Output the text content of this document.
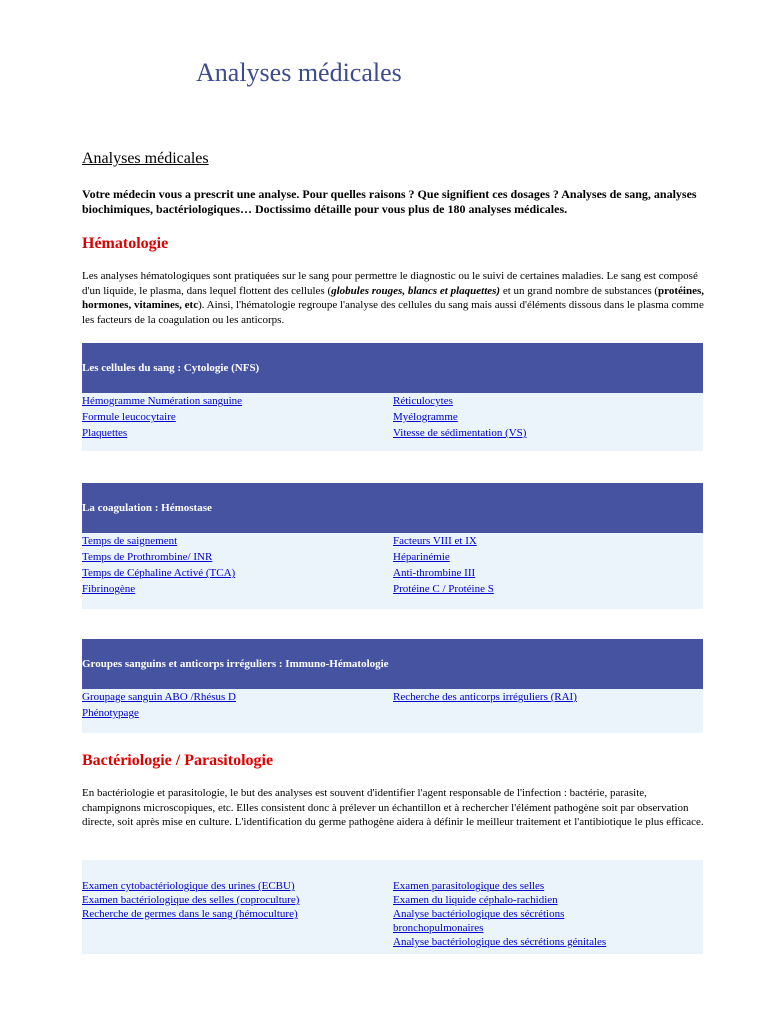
Analyses médicales
Analyses médicales
Votre médecin vous a prescrit une analyse. Pour quelles raisons ? Que signifient ces dosages ? Analyses de sang, analyses biochimiques, bactériologiques… Doctissimo détaille pour vous plus de 180 analyses médicales.
Hématologie
Les analyses hématologiques sont pratiquées sur le sang pour permettre le diagnostic ou le suivi de certaines maladies. Le sang est composé d'un liquide, le plasma, dans lequel flottent des cellules (globules rouges, blancs et plaquettes) et un grand nombre de substances (protéines, hormones, vitamines, etc). Ainsi, l'hématologie regroupe l'analyse des cellules du sang mais aussi d'éléments dissous dans le plasma comme les facteurs de la coagulation ou les anticorps.
Les cellules du sang : Cytologie (NFS)
Hémogramme Numération sanguine
Formule leucocytaire
Plaquettes
Réticulocytes
Myélogramme
Vitesse de sédimentation (VS)
La coagulation : Hémostase
Temps de saignement
Temps de Prothrombine/ INR
Temps de Céphaline Activé (TCA)
Fibrinogène
Facteurs VIII et IX
Héparinémie
Anti-thrombine III
Protéine C / Protéine S
Groupes sanguins et anticorps irréguliers : Immuno-Hématologie
Groupage sanguin ABO /Rhésus D
Phénotypage
Recherche des anticorps irréguliers (RAI)
Bactériologie / Parasitologie
En bactériologie et parasitologie, le but des analyses est souvent d'identifier l'agent responsable de l'infection : bactérie, parasite, champignons microscopiques, etc. Elles consistent donc à prélever un échantillon et à rechercher l'élément pathogène soit par observation directe, soit après mise en culture. L'identification du germe pathogène aidera à définir le meilleur traitement et l'antibiotique le plus efficace.
Examen cytobactériologique des urines (ECBU)
Examen bactériologique des selles (coproculture)
Recherche de germes dans le sang (hémoculture)
Examen parasitologique des selles
Examen du liquide céphalo-rachidien
Analyse bactériologique des sécrétions bronchopulmonaires
Analyse bactériologique des sécrétions génitales
